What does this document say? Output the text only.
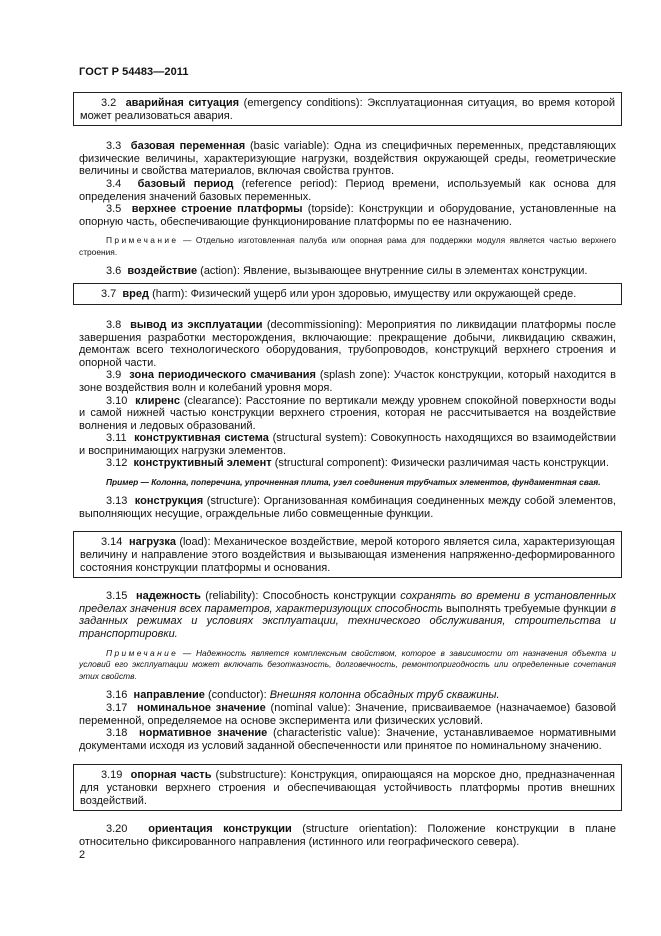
ГОСТ Р 54483—2011

3.2 аварийная ситуация (emergency conditions): Эксплуатационная ситуация, во время которой может реализоваться авария.

3.3 базовая переменная (basic variable): Одна из специфичных переменных, представляющих физические величины, характеризующие нагрузки, воздействия окружающей среды, геометрические величины и свойства материалов, включая свойства грунтов.

3.4 базовый период (reference period): Период времени, используемый как основа для определения значений базовых переменных.

3.5 верхнее строение платформы (topside): Конструкции и оборудование, установленные на опорную часть, обеспечивающие функционирование платформы по ее назначению.

Примечание — Отдельно изготовленная палуба или опорная рама для поддержки модуля является частью верхнего строения.

3.6 воздействие (action): Явление, вызывающее внутренние силы в элементах конструкции.

3.7 вред (harm): Физический ущерб или урон здоровью, имуществу или окружающей среде.

3.8 вывод из эксплуатации (decommissioning): Мероприятия по ликвидации платформы после завершения разработки месторождения, включающие: прекращение добычи, ликвидацию скважин, демонтаж всего технологического оборудования, трубопроводов, конструкций верхнего строения и опорной части.

3.9 зона периодического смачивания (splash zone): Участок конструкции, который находится в зоне воздействия волн и колебаний уровня моря.

3.10 клиренс (clearance): Расстояние по вертикали между уровнем спокойной поверхности воды и самой нижней частью конструкции верхнего строения, которая не рассчитывается на воздействие волнения и ледовых образований.

3.11 конструктивная система (structural system): Совокупность находящихся во взаимодействии и воспринимающих нагрузки элементов.

3.12 конструктивный элемент (structural component): Физически различимая часть конструкции.

Пример — Колонна, поперечина, упрочненная плита, узел соединения трубчатых элементов, фундаментная свая.

3.13 конструкция (structure): Организованная комбинация соединенных между собой элементов, выполняющих несущие, ограждельные либо совмещенные функции.

3.14 нагрузка (load): Механическое воздействие, мерой которого является сила, характеризующая величину и направление этого воздействия и вызывающая изменения напряженно-деформированного состояния конструкции платформы и основания.

3.15 надежность (reliability): Способность конструкции сохранять во времени в установленных пределах значения всех параметров, характеризующих способность выполнять требуемые функции в заданных режимах и условиях эксплуатации, технического обслуживания, строительства и транспортировки.

Примечание — Надежность является комплексным свойством, которое в зависимости от назначения объекта и условий его эксплуатации может включать безотказность, долговечность, ремонтопригодность или определенные сочетания этих свойств.

3.16 направление (conductor): Внешняя колонна обсадных труб скважины.

3.17 номинальное значение (nominal value): Значение, присваиваемое (назначаемое) базовой переменной, определяемое на основе эксперимента или физических условий.

3.18 нормативное значение (characteristic value): Значение, устанавливаемое нормативными документами исходя из условий заданной обеспеченности или принятое по номинальному значению.

3.19 опорная часть (substructure): Конструкция, опирающаяся на морское дно, предназначенная для установки верхнего строения и обеспечивающая устойчивость платформы против внешних воздействий.

3.20 ориентация конструкции (structure orientation): Положение конструкции в плане относительно фиксированного направления (истинного или географического севера).

2
